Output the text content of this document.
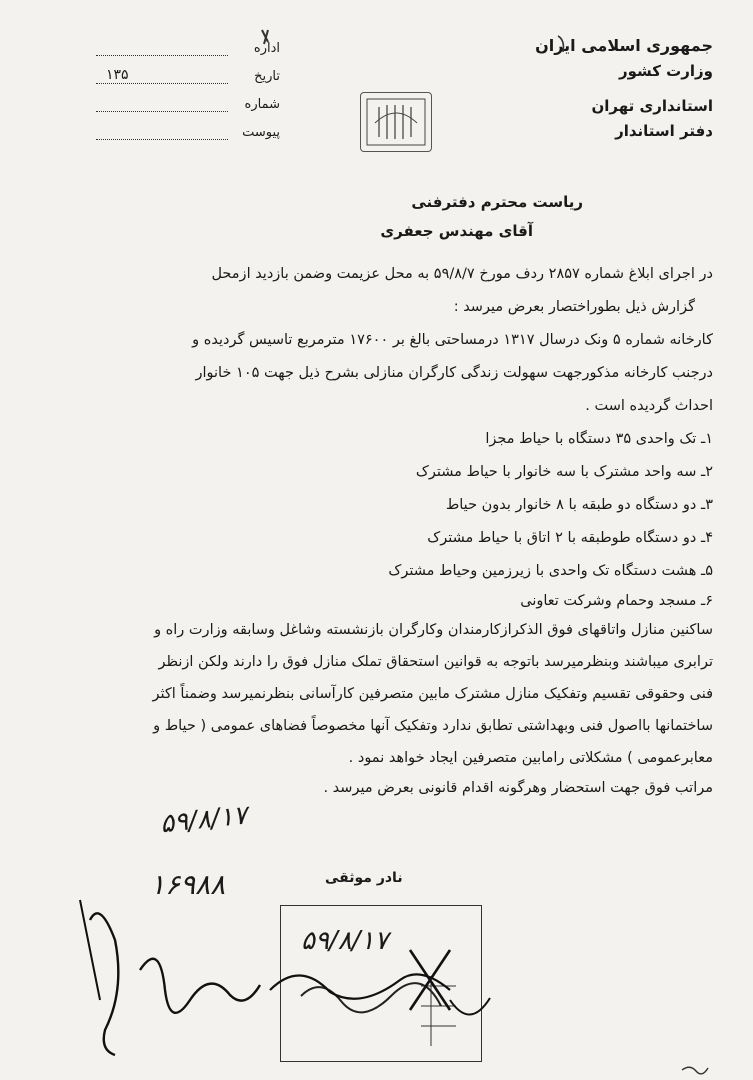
جمهوری اسلامی ایران
وزارت کشور
استانداری تهران
دفتر استاندار
اداره
تاریخ
۱۳۵
شماره
پیوست
ریاست محترم دفترفنی
آقای مهندس جعفری
در اجرای ابلاغ شماره ۲۸۵۷ ردف مورخ ۵۹/۸/۷ به محل عزیمت وضمن بازدید ازمحل
گزارش ذیل بطوراختصار بعرض میرسد :
کارخانه شماره ۵ ونک درسال ۱۳۱۷ درمساحتی بالغ بر ۱۷۶۰۰ مترمربع تاسیس گردیده و
درجنب کارخانه مذکورجهت سهولت زندگی کارگران منازلی بشرح ذیل جهت ۱۰۵ خانوار
احداث گردیده است .
۱ـ تک واحدی ۳۵ دستگاه با حیاط مجزا
۲ـ سه واحد مشترک با سه خانوار با حیاط مشترک
۳ـ دو دستگاه دو طبقه با ۸ خانوار بدون حیاط
۴ـ دو دستگاه طوطبقه با ۲ اتاق با حیاط مشترک
۵ـ هشت دستگاه تک واحدی با زیرزمین وحیاط مشترک
۶ـ مسجد وحمام وشرکت تعاونی
ساکنین منازل واتاقهای فوق الذکرازکارمندان وکارگران بازنشسته وشاغل وسابقه وزارت راه و
ترابری میباشند وبنظرمیرسد باتوجه به قوانین استحقاق تملک منازل فوق را دارند ولکن ازنظر
فنی وحقوقی تقسیم وتفکیک منازل مشترک مابین متصرفین کارآسانی بنظرنمیرسد وضمناً اکثر
ساختمانها بااصول فنی وبهداشتی تطابق ندارد وتفکیک آنها مخصوصاً فضاهای عمومی ( حیاط و
معابرعمومی ) مشکلاتی رامابین متصرفین ایجاد خواهد نمود .
مراتب فوق جهت استحضار وهرگونه اقدام قانونی بعرض میرسد .
۵۹/۸/۱۷
نادر موثقی
۱۶۹۸۸
۵۹/۸/۱۷
